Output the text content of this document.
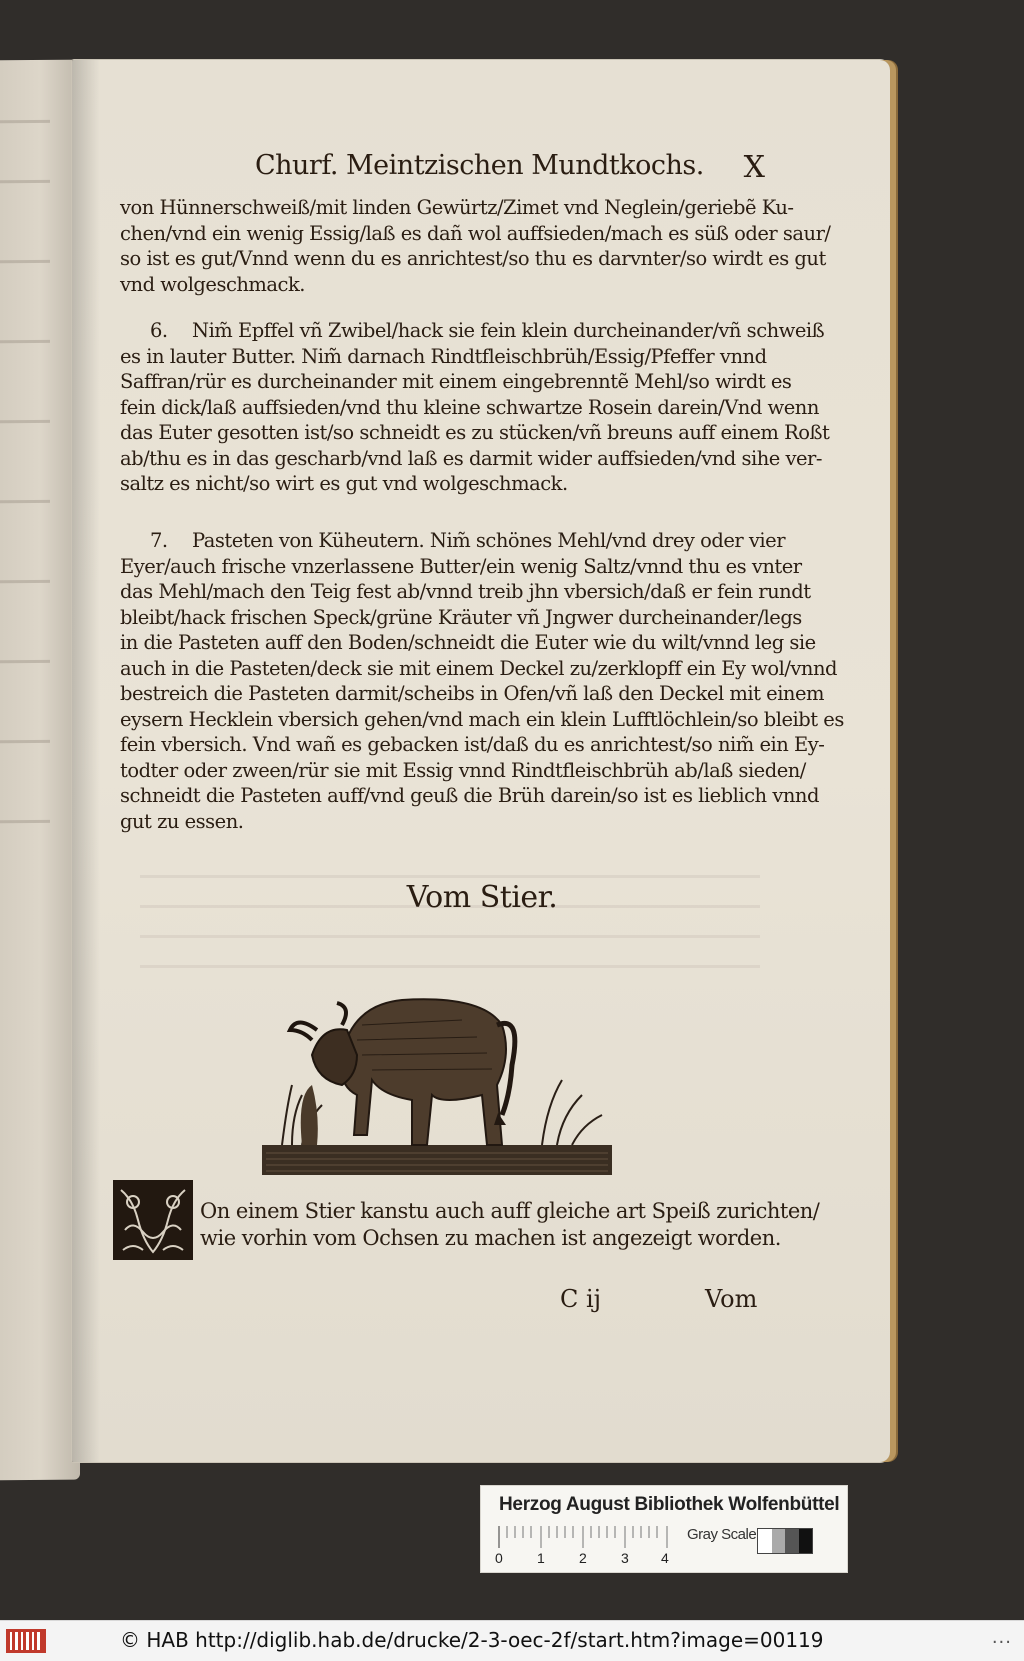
Churf. Meintzischen Mundtkochs. X
von Hünnerschweiß/mit linden Gewürtz/Zimet vnd Neglein/geriebẽ Ku-
chen/vnd ein wenig Essig/laß es dañ wol auffsieden/mach es süß oder saur/
so ist es gut/Vnnd wenn du es anrichtest/so thu es darvnter/so wirdt es gut
vnd wolgeschmack.
6. Nim̃ Epffel vñ Zwibel/hack sie fein klein durcheinander/vñ schweiß
es in lauter Butter. Nim̃ darnach Rindtfleischbrüh/Essig/Pfeffer vnnd
Saffran/rür es durcheinander mit einem eingebrenntẽ Mehl/so wirdt es
fein dick/laß auffsieden/vnd thu kleine schwartze Rosein darein/Vnd wenn
das Euter gesotten ist/so schneidt es zu stücken/vñ breuns auff einem Roßt
ab/thu es in das gescharb/vnd laß es darmit wider auffsieden/vnd sihe ver-
saltz es nicht/so wirt es gut vnd wolgeschmack.
7. Pasteten von Küheutern. Nim̃ schönes Mehl/vnd drey oder vier
Eyer/auch frische vnzerlassene Butter/ein wenig Saltz/vnnd thu es vnter
das Mehl/mach den Teig fest ab/vnnd treib jhn vbersich/daß er fein rundt
bleibt/hack frischen Speck/grüne Kräuter vñ Jngwer durcheinander/legs
in die Pasteten auff den Boden/schneidt die Euter wie du wilt/vnnd leg sie
auch in die Pasteten/deck sie mit einem Deckel zu/zerklopff ein Ey wol/vnnd
bestreich die Pasteten darmit/scheibs in Ofen/vñ laß den Deckel mit einem
eysern Hecklein vbersich gehen/vnd mach ein klein Lufftlöchlein/so bleibt es
fein vbersich. Vnd wañ es gebacken ist/daß du es anrichtest/so nim̃ ein Ey-
todter oder zween/rür sie mit Essig vnnd Rindtfleischbrüh ab/laß sieden/
schneidt die Pasteten auff/vnd geuß die Brüh darein/so ist es lieblich vnnd
gut zu essen.
Vom Stier.
On einem Stier kanstu auch auff gleiche art Speiß zurichten/
wie vorhin vom Ochsen zu machen ist angezeigt worden.
C ij	Vom
Herzog August Bibliothek Wolfenbüttel
Gray Scale
0 1 2 3 4
© HAB http://diglib.hab.de/drucke/2-3-oec-2f/start.htm?image=00119	...
